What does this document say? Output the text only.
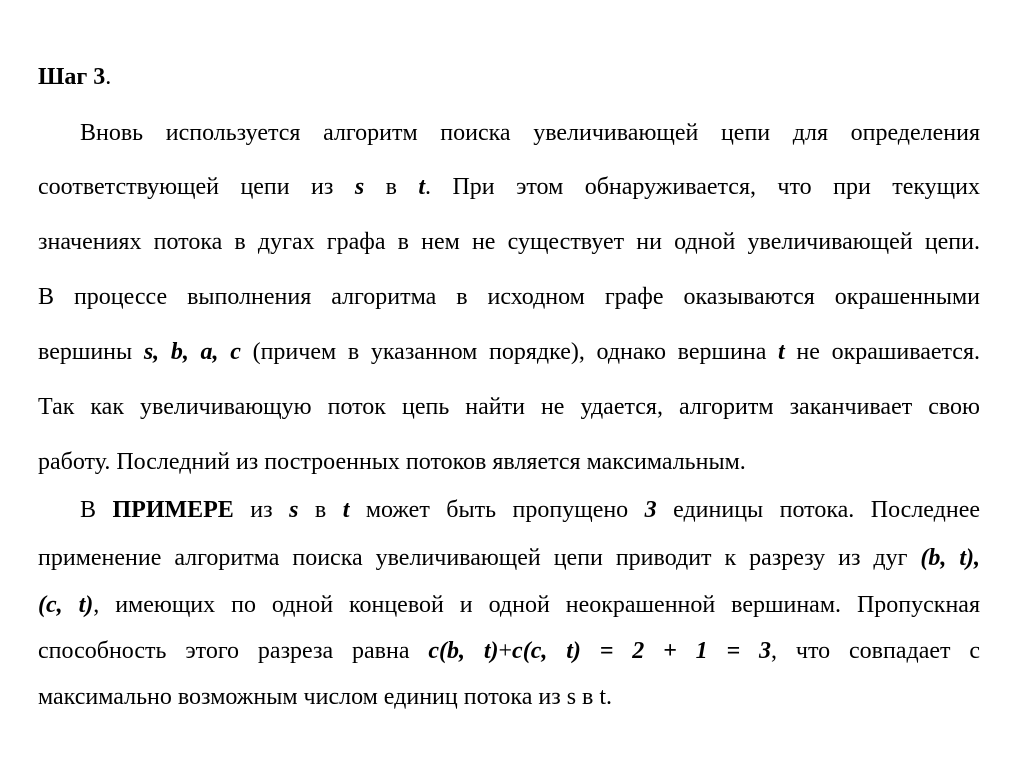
Шаг 3.
Вновь используется алгоритм поиска увеличивающей цепи для определения
соответствующей цепи из s в t. При этом обнаруживается, что при текущих
значениях потока в дугах графа в нем не существует ни одной увеличивающей цепи.
В процессе выполнения алгоритма в исходном графе оказываются окрашенными
вершины s, b, a, c (причем в указанном порядке), однако вершина t не окрашивается.
Так как увеличивающую поток цепь найти не удается, алгоритм заканчивает свою
работу. Последний из построенных потоков является максимальным.
В ПРИМЕРЕ из s в t может быть пропущено 3 единицы потока. Последнее
применение алгоритма поиска увеличивающей цепи приводит к разрезу из дуг (b, t),
(c, t), имеющих по одной концевой и одной неокрашенной вершинам. Пропускная
способность этого разреза равна c(b, t)+c(c, t) = 2 + 1 = 3, что совпадает с
максимально возможным числом единиц потока из s в t.
